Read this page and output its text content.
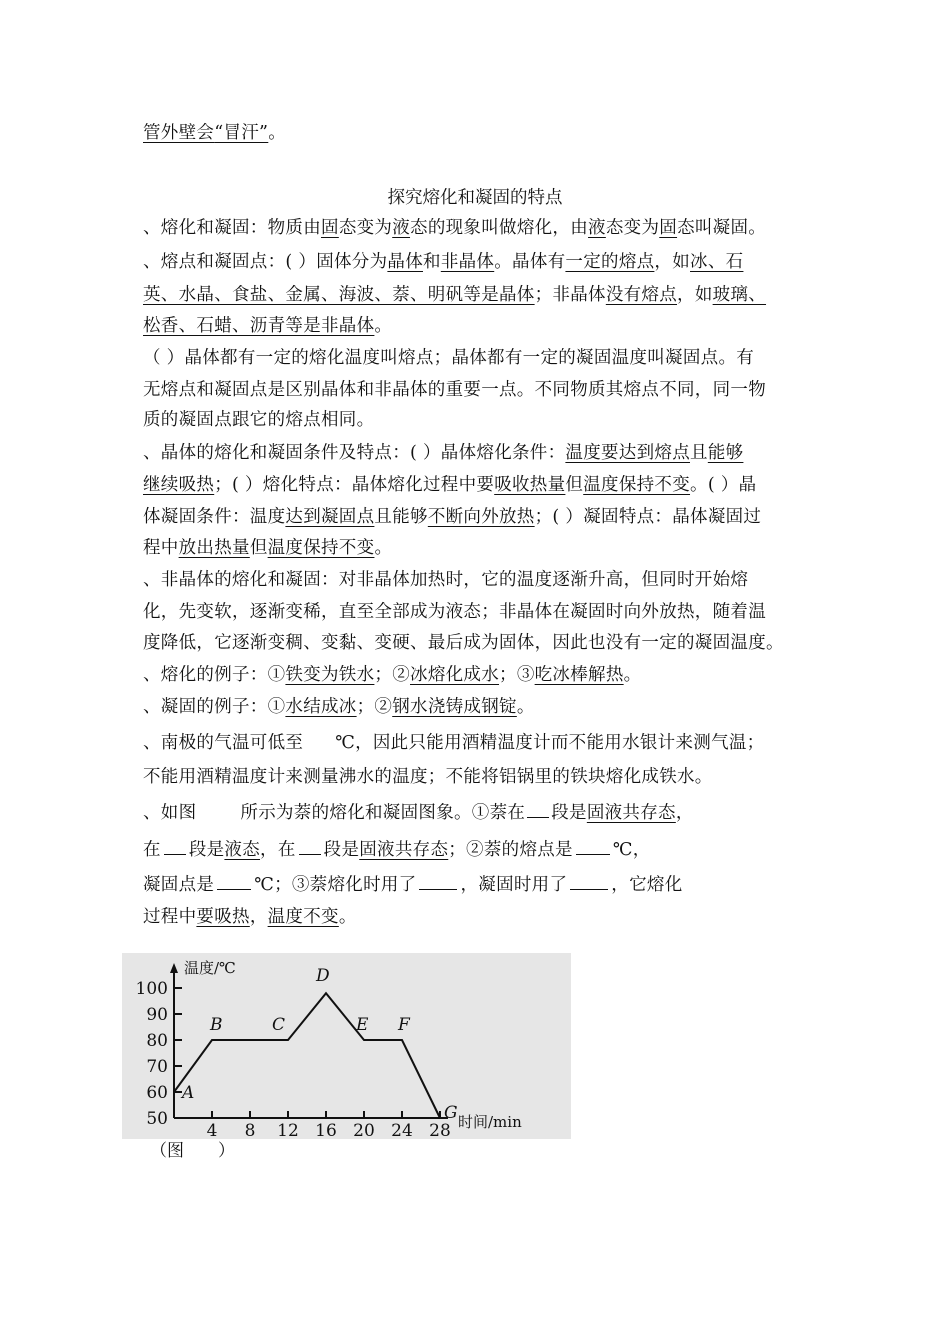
管外壁会“冒汗”。
探究熔化和凝固的特点
、熔化和凝固：物质由固态变为液态的现象叫做熔化，由液态变为固态叫凝固。
、熔点和凝固点：( ）固体分为晶体和非晶体。晶体有一定的熔点，如冰、石
英、水晶、食盐、金属、海波、萘、明矾等是晶体；非晶体没有熔点，如玻璃、
松香、石蜡、沥青等是非晶体。
（ ）晶体都有一定的熔化温度叫熔点；晶体都有一定的凝固温度叫凝固点。有
无熔点和凝固点是区别晶体和非晶体的重要一点。不同物质其熔点不同，同一物
质的凝固点跟它的熔点相同。
、晶体的熔化和凝固条件及特点：( ）晶体熔化条件：温度要达到熔点且能够
继续吸热；( ）熔化特点：晶体熔化过程中要吸收热量但温度保持不变。( ）晶
体凝固条件：温度达到凝固点且能够不断向外放热；( ）凝固特点：晶体凝固过
程中放出热量但温度保持不变。
、非晶体的熔化和凝固：对非晶体加热时，它的温度逐渐升高，但同时开始熔
化，先变软，逐渐变稀，直至全部成为液态；非晶体在凝固时向外放热，随着温
度降低，它逐渐变稠、变黏、变硬、最后成为固体，因此也没有一定的凝固温度。
、熔化的例子：①铁变为铁水；②冰熔化成水；③吃冰棒解热。
、凝固的例子：①水结成冰；②钢水浇铸成钢锭。
、南极的气温可低至 ℃，因此只能用酒精温度计而不能用水银计来测气温；
不能用酒精温度计来测量沸水的温度；不能将铝锅里的铁块熔化成铁水。
、如图	所示为萘的熔化和凝固图象。①萘在 段是固液共存态，
在 段是液态，在 段是固液共存态；②萘的熔点是 ℃，
凝固点是 ℃；③萘熔化时用了	，凝固时用了	，它熔化
过程中要吸热，温度不变。
100
90
80
70
60
50
4 8 12 16 20 24 28
温度/℃
时间/min
A
B	C
D
E F
G
（图 ）
